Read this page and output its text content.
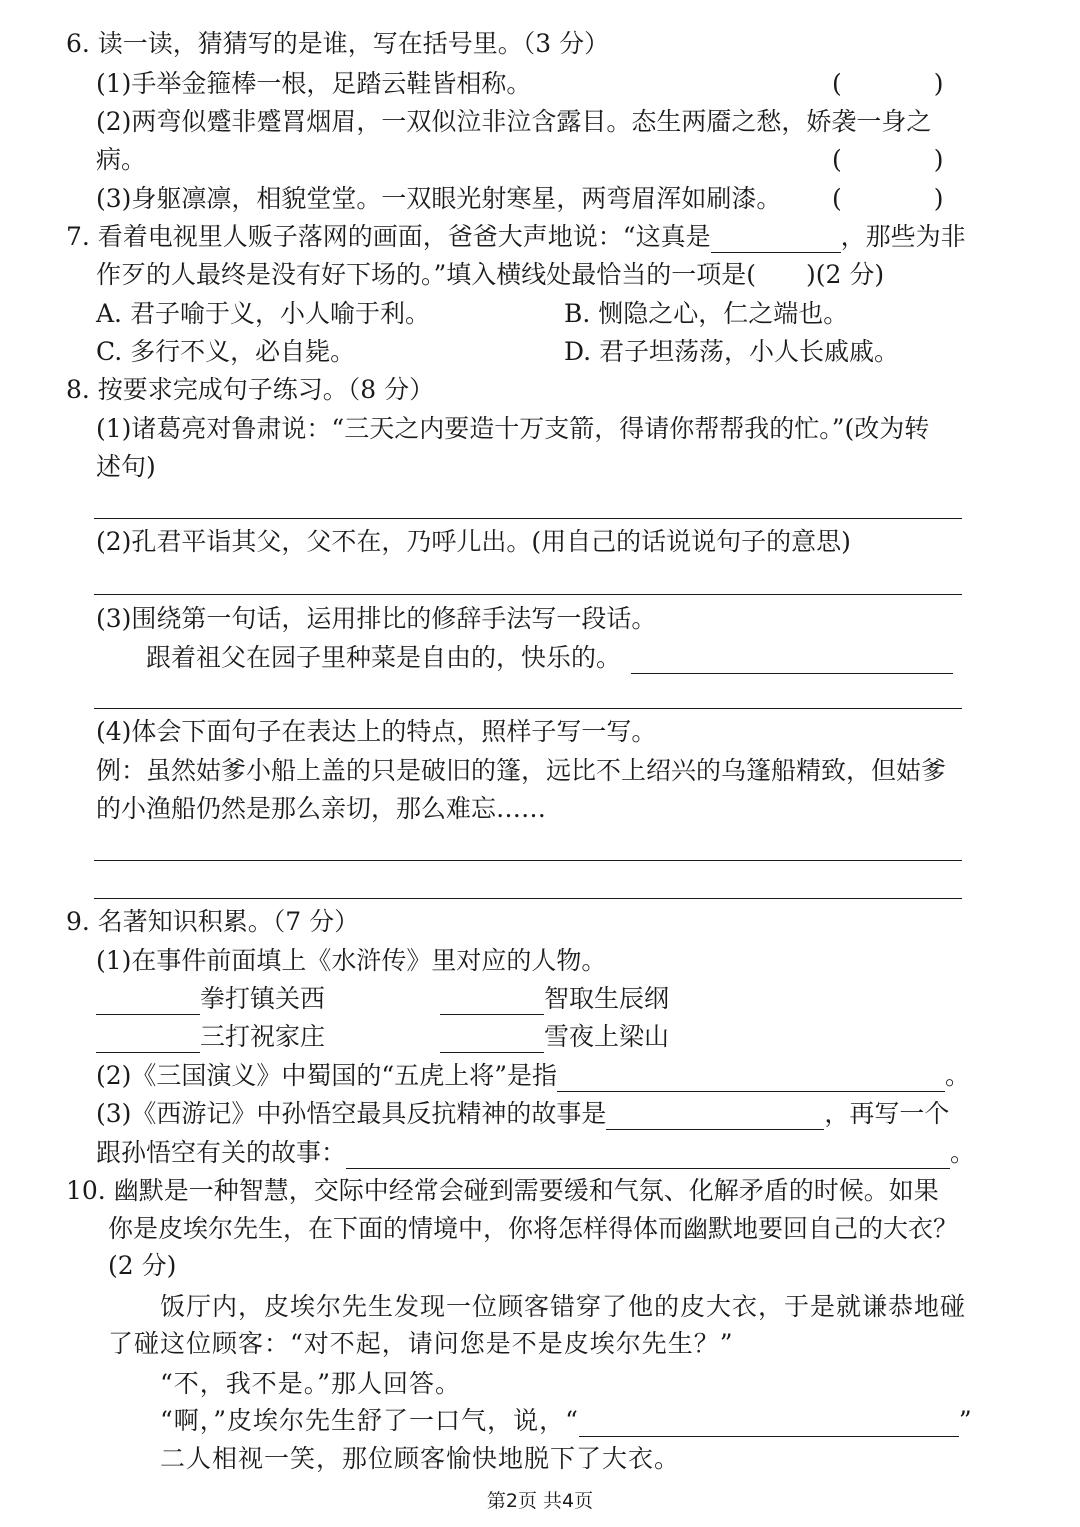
6. 读一读，猜猜写的是谁，写在括号里。（3 分）
(1)手举金箍棒一根，足踏云鞋皆相称。	(	)
(2)两弯似蹙非蹙罥烟眉，一双似泣非泣含露目。态生两靥之愁，娇袭一身之
病。	(	)
(3)身躯凛凛，相貌堂堂。一双眼光射寒星，两弯眉浑如刷漆。 (	)
7. 看着电视里人贩子落网的画面，爸爸大声地说：“这真是	，那些为非
作歹的人最终是没有好下场的。”填入横线处最恰当的一项是(　　)(2 分)
A. 君子喻于义，小人喻于利。	B. 恻隐之心，仁之端也。
C. 多行不义，必自毙。	D. 君子坦荡荡，小人长戚戚。
8. 按要求完成句子练习。（8 分）
(1)诸葛亮对鲁肃说：“三天之内要造十万支箭，得请你帮帮我的忙。”(改为转
述句)
(2)孔君平诣其父，父不在，乃呼儿出。(用自己的话说说句子的意思)
(3)围绕第一句话，运用排比的修辞手法写一段话。
跟着祖父在园子里种菜是自由的，快乐的。
(4)体会下面句子在表达上的特点，照样子写一写。
例：虽然姑爹小船上盖的只是破旧的篷，远比不上绍兴的乌篷船精致，但姑爹
的小渔船仍然是那么亲切，那么难忘……
9. 名著知识积累。（7 分）
(1)在事件前面填上《水浒传》里对应的人物。
拳打镇关西	智取生辰纲
三打祝家庄	雪夜上梁山
(2)《三国演义》中蜀国的“五虎上将”是指	。
(3)《西游记》中孙悟空最具反抗精神的故事是	，再写一个
跟孙悟空有关的故事：	。
10. 幽默是一种智慧，交际中经常会碰到需要缓和气氛、化解矛盾的时候。如果
你是皮埃尔先生，在下面的情境中，你将怎样得体而幽默地要回自己的大衣？
(2 分)
饭厅内，皮埃尔先生发现一位顾客错穿了他的皮大衣，于是就谦恭地碰
了碰这位顾客：“对不起，请问您是不是皮埃尔先生？”
“不，我不是。”那人回答。
“啊，”皮埃尔先生舒了一口气，说，“	”
二人相视一笑，那位顾客愉快地脱下了大衣。
第2页 共4页
